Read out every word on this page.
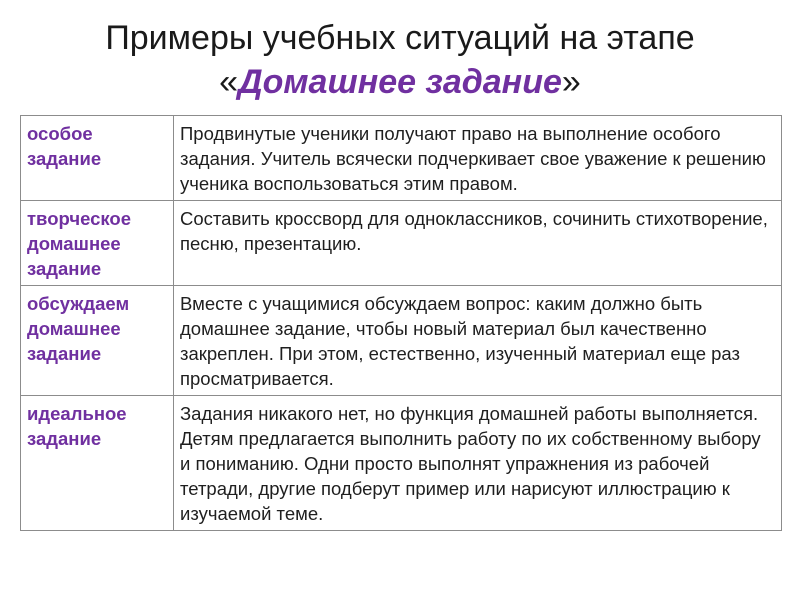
Примеры учебных ситуаций на этапе
«Домашнее задание»
особое задание	Продвинутые ученики получают право на выполнение особого задания. Учитель всячески подчеркивает свое уважение к решению ученика воспользоваться этим правом.
творческое домашнее задание	Составить кроссворд для одноклассников, сочинить стихотворение, песню, презентацию.
обсуждаем домашнее задание	Вместе с учащимися обсуждаем вопрос: каким должно быть домашнее задание, чтобы новый материал был качественно закреплен. При этом, естественно, изученный материал еще раз просматривается.
идеальное задание	Задания никакого нет, но функция домашней работы выполняется. Детям предлагается выполнить работу по их собственному выбору и пониманию. Одни просто выполнят упражнения из рабочей тетради, другие подберут пример или нарисуют иллюстрацию к изучаемой теме.
